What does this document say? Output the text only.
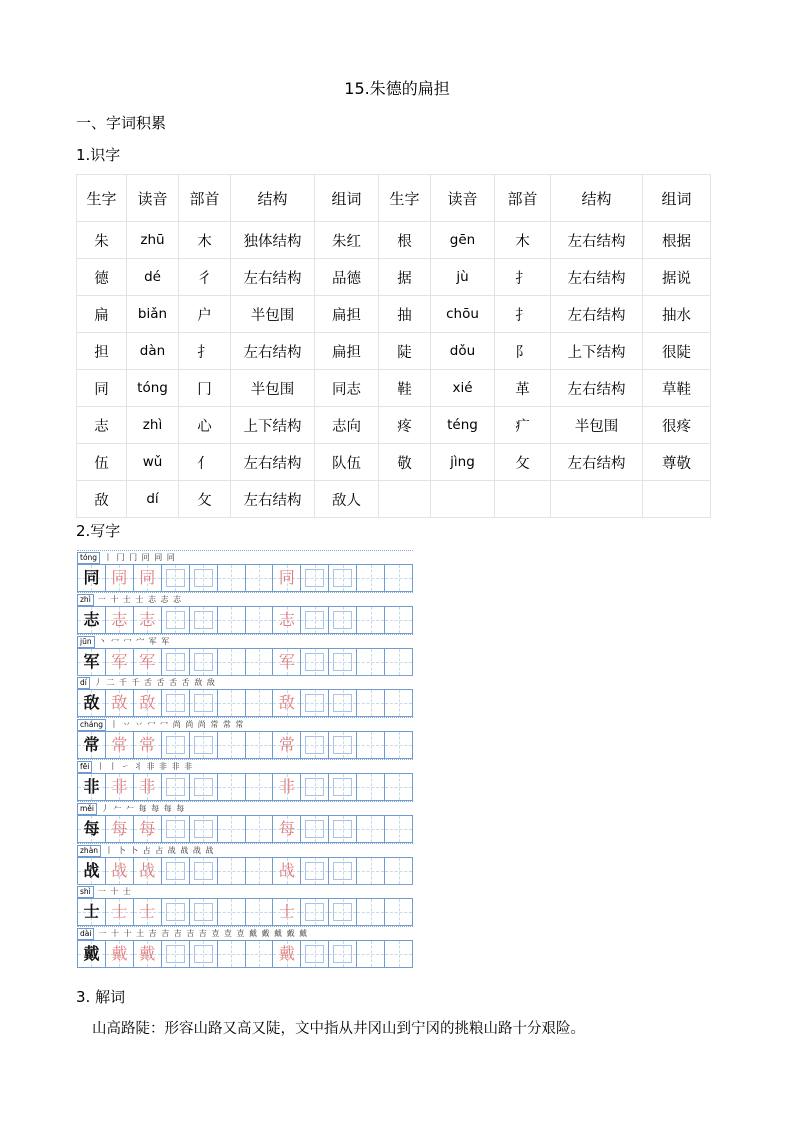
15.朱德的扁担
一、字词积累
1.识字
生字	读音	部首	结构	组词	生字	读音	部首	结构	组词
朱	zhū	木	独体结构	朱红	根	gēn	木	左右结构	根据
德	dé	彳	左右结构	品德	据	jù	扌	左右结构	据说
扁	biǎn	户	半包围	扁担	抽	chōu	扌	左右结构	抽水
担	dàn	扌	左右结构	扁担	陡	dǒu	阝	上下结构	很陡
同	tóng	冂	半包围	同志	鞋	xié	革	左右结构	草鞋
志	zhì	心	上下结构	志向	疼	téng	疒	半包围	很疼
伍	wǔ	亻	左右结构	队伍	敬	jìng	攵	左右结构	尊敬
敌	dí	攵	左右结构	敌人					
2.写字
tóng 丨 冂 冂 冋 同 同
同 同 同	同
zhì 一 十 士 士 志 志 志
志 志 志	志
jūn 丶 冖 冖 宀 军 军
军 军 军	军
dí 丿 二 千 千 舌 舌 舌 舌 敌 敌
敌 敌 敌	敌
cháng 丨 丷 丷 冖 冖 尚 尚 尚 常 常 常
常 常 常	常
fēi 丨 丨 ㇀ 丬 非 非 非 非
非 非 非	非
měi 丿 𠂉 𠂉 每 每 每 每
每 每 每	每
zhàn 丨 卜 卜 占 占 战 战 战 战
战 战 战	战
shì 一 十 士
士 士 士	士
dài 一 十 十 土 吉 吉 吉 吉 吉 壴 壴 壴 戴 戴 戴 戴 戴
戴 戴 戴	戴
3. 解词
山高路陡：形容山路又高又陡，文中指从井冈山到宁冈的挑粮山路十分艰险。
